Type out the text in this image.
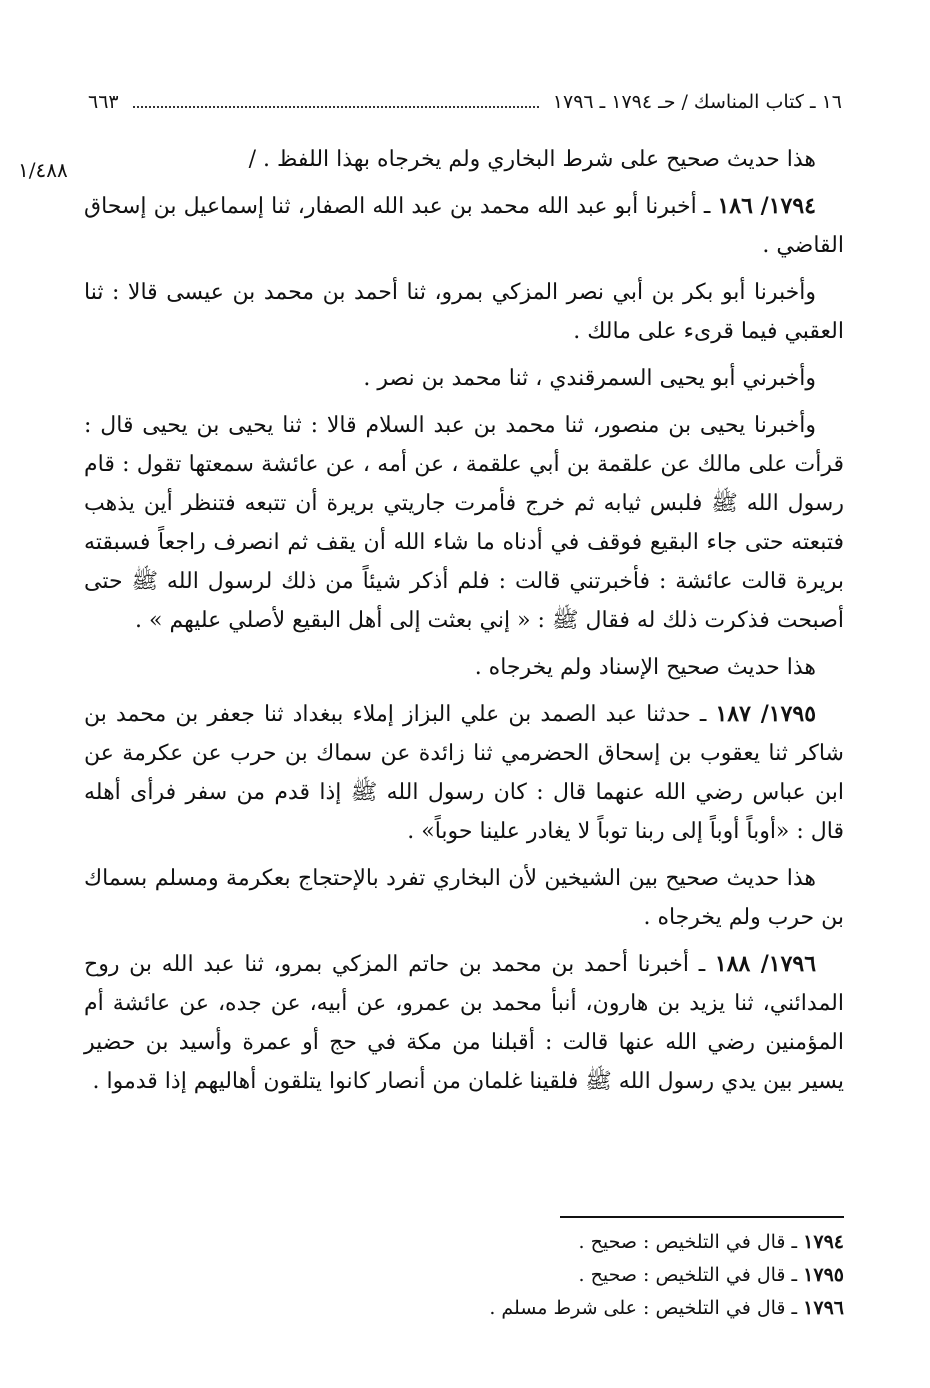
١٦ ـ كتاب المناسك / حـ ١٧٩٤ ـ ١٧٩٦
٦٦٣
١/٤٨٨	هذا حديث صحيح على شرط البخاري ولم يخرجاه بهذا اللفظ . /

١٧٩٤/ ١٨٦ ـ أخبرنا أبو عبد الله محمد بن عبد الله الصفار، ثنا إسماعيل بن إسحاق القاضي .

وأخبرنا أبو بكر بن أبي نصر المزكي بمرو، ثنا أحمد بن محمد بن عيسى قالا : ثنا العقبي فيما قرىء على مالك .

وأخبرني أبو يحيى السمرقندي ، ثنا محمد بن نصر .

وأخبرنا يحيى بن منصور، ثنا محمد بن عبد السلام قالا : ثنا يحيى بن يحيى قال : قرأت على مالك عن علقمة بن أبي علقمة ، عن أمه ، عن عائشة سمعتها تقول : قام رسول الله ﷺ فلبس ثيابه ثم خرج فأمرت جاريتي بريرة أن تتبعه فتنظر أين يذهب فتبعته حتى جاء البقيع فوقف في أدناه ما شاء الله أن يقف ثم انصرف راجعاً فسبقته بريرة قالت عائشة : فأخبرتني قالت : فلم أذكر شيئاً من ذلك لرسول الله ﷺ حتى أصبحت فذكرت ذلك له فقال ﷺ : « إني بعثت إلى أهل البقيع لأصلي عليهم » .

هذا حديث صحيح الإسناد ولم يخرجاه .

١٧٩٥/ ١٨٧ ـ حدثنا عبد الصمد بن علي البزاز إملاء ببغداد ثنا جعفر بن محمد بن شاكر ثنا يعقوب بن إسحاق الحضرمي ثنا زائدة عن سماك بن حرب عن عكرمة عن ابن عباس رضي الله عنهما قال : كان رسول الله ﷺ إذا قدم من سفر فرأى أهله قال : «أوباً أوباً إلى ربنا توباً لا يغادر علينا حوباً» .

هذا حديث صحيح بين الشيخين لأن البخاري تفرد بالإحتجاج بعكرمة ومسلم بسماك بن حرب ولم يخرجاه .

١٧٩٦/ ١٨٨ ـ أخبرنا أحمد بن محمد بن حاتم المزكي بمرو، ثنا عبد الله بن روح المدائني، ثنا يزيد بن هارون، أنبأ محمد بن عمرو، عن أبيه، عن جده، عن عائشة أم المؤمنين رضي الله عنها قالت : أقبلنا من مكة في حج أو عمرة وأسيد بن حضير يسير بين يدي رسول الله ﷺ فلقينا غلمان من أنصار كانوا يتلقون أهاليهم إذا قدموا .

١٧٩٤ ـ قال في التلخيص : صحيح .
١٧٩٥ ـ قال في التلخيص : صحيح .
١٧٩٦ ـ قال في التلخيص : على شرط مسلم .
